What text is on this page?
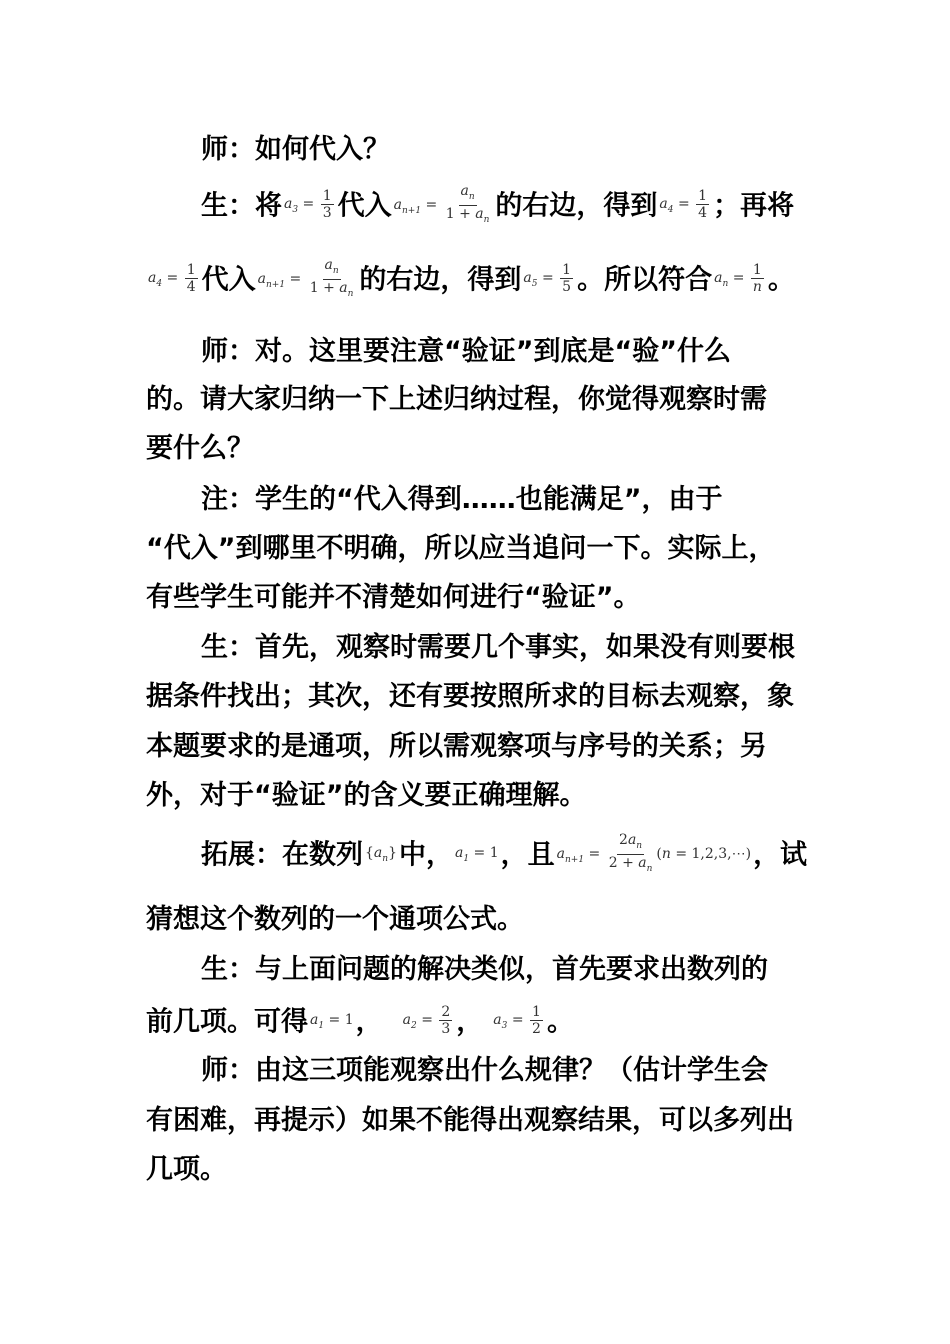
师：如何代入？
生：将 $a_3 = \frac{1}{3}$ 代入 $a_{n+1} = \frac{a_n}{1 + a_n}$ 的右边，得到 $a_4 = \frac{1}{4}$ ；再将
$a_4 = \frac{1}{4}$ 代入 $a_{n+1} = \frac{a_n}{1 + a_n}$ 的右边，得到 $a_5 = \frac{1}{5}$ 。所以符合 $a_n = \frac{1}{n}$ 。
师：对。这里要注意“验证”到底是“验”什么
的。请大家归纳一下上述归纳过程，你觉得观察时需
要什么？
注：学生的“代入得到……也能满足”，由于
“代入”到哪里不明确，所以应当追问一下。实际上，
有些学生可能并不清楚如何进行“验证”。
生：首先，观察时需要几个事实，如果没有则要根
据条件找出；其次，还有要按照所求的目标去观察，象
本题要求的是通项，所以需观察项与序号的关系；另
外，对于“验证”的含义要正确理解。
拓展：在数列 $\{a_n\}$中， $a_1 = 1$，且 $a_{n+1} = \frac{2a_n}{2 + a_n} (n$ = 1,2,3,⋯)，试
猜想这个数列的一个通项公式。
生：与上面问题的解决类似，首先要求出数列的
前几项。可得 $a_1 = 1$， $a_2 = \frac{2}{3}$ ， $a_3 = \frac{1}{2}$ 。
师：由这三项能观察出什么规律？（估计学生会
有困难，再提示）如果不能得出观察结果，可以多列出
几项。
